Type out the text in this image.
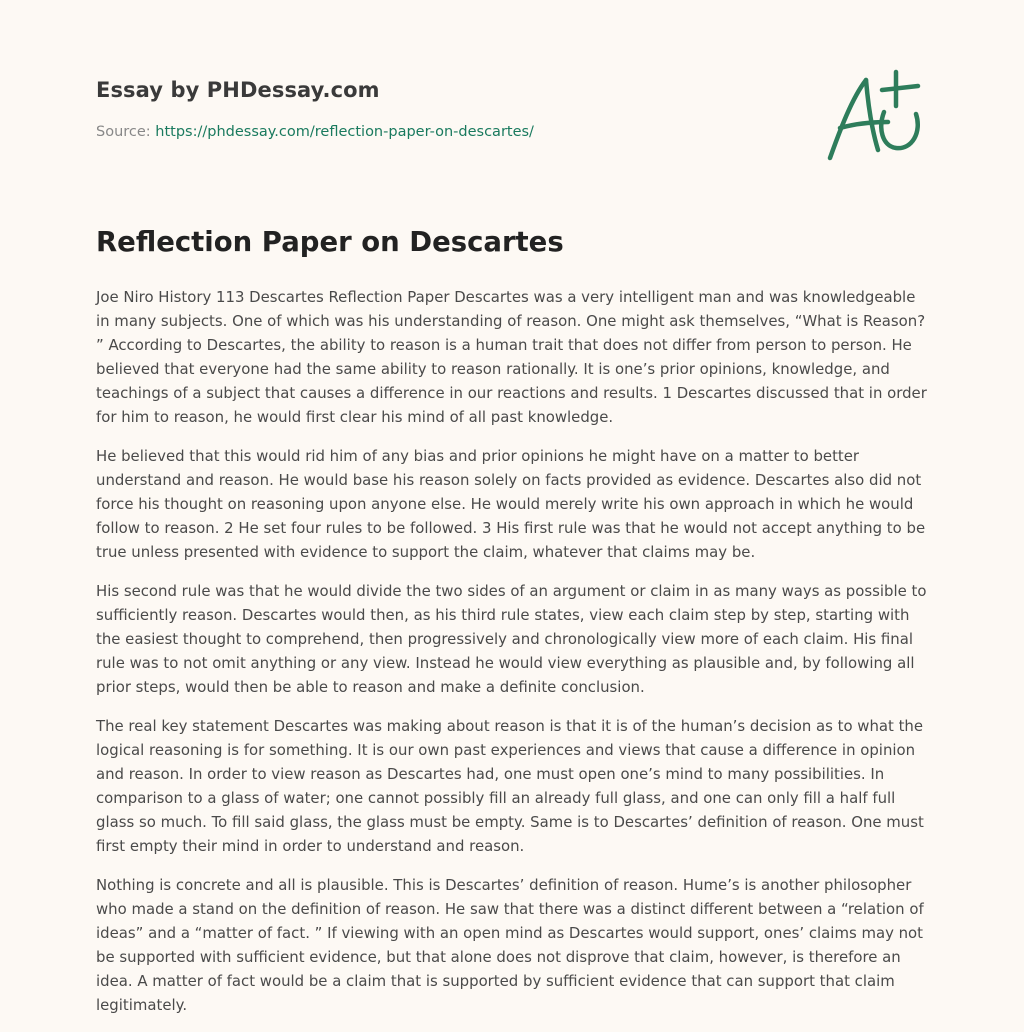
Essay by PHDessay.com
Source: https://phdessay.com/reflection-paper-on-descartes/
Reflection Paper on Descartes

Joe Niro History 113 Descartes Reflection Paper Descartes was a very intelligent man and was knowledgeable in many subjects. One of which was his understanding of reason. One might ask themselves, “What is Reason? ” According to Descartes, the ability to reason is a human trait that does not differ from person to person. He believed that everyone had the same ability to reason rationally. It is one’s prior opinions, knowledge, and teachings of a subject that causes a difference in our reactions and results. 1 Descartes discussed that in order for him to reason, he would first clear his mind of all past knowledge.

He believed that this would rid him of any bias and prior opinions he might have on a matter to better understand and reason. He would base his reason solely on facts provided as evidence. Descartes also did not force his thought on reasoning upon anyone else. He would merely write his own approach in which he would follow to reason. 2 He set four rules to be followed. 3 His first rule was that he would not accept anything to be true unless presented with evidence to support the claim, whatever that claims may be.

His second rule was that he would divide the two sides of an argument or claim in as many ways as possible to sufficiently reason. Descartes would then, as his third rule states, view each claim step by step, starting with the easiest thought to comprehend, then progressively and chronologically view more of each claim. His final rule was to not omit anything or any view. Instead he would view everything as plausible and, by following all prior steps, would then be able to reason and make a definite conclusion.

The real key statement Descartes was making about reason is that it is of the human’s decision as to what the logical reasoning is for something. It is our own past experiences and views that cause a difference in opinion and reason. In order to view reason as Descartes had, one must open one’s mind to many possibilities. In comparison to a glass of water; one cannot possibly fill an already full glass, and one can only fill a half full glass so much. To fill said glass, the glass must be empty. Same is to Descartes’ definition of reason. One must first empty their mind in order to understand and reason.

Nothing is concrete and all is plausible. This is Descartes’ definition of reason. Hume’s is another philosopher who made a stand on the definition of reason. He saw that there was a distinct different between a “relation of ideas” and a “matter of fact. ” If viewing with an open mind as Descartes would support, ones’ claims may not be supported with sufficient evidence, but that alone does not disprove that claim, however, is therefore an idea. A matter of fact would be a claim that is supported by sufficient evidence that can support that claim legitimately.
